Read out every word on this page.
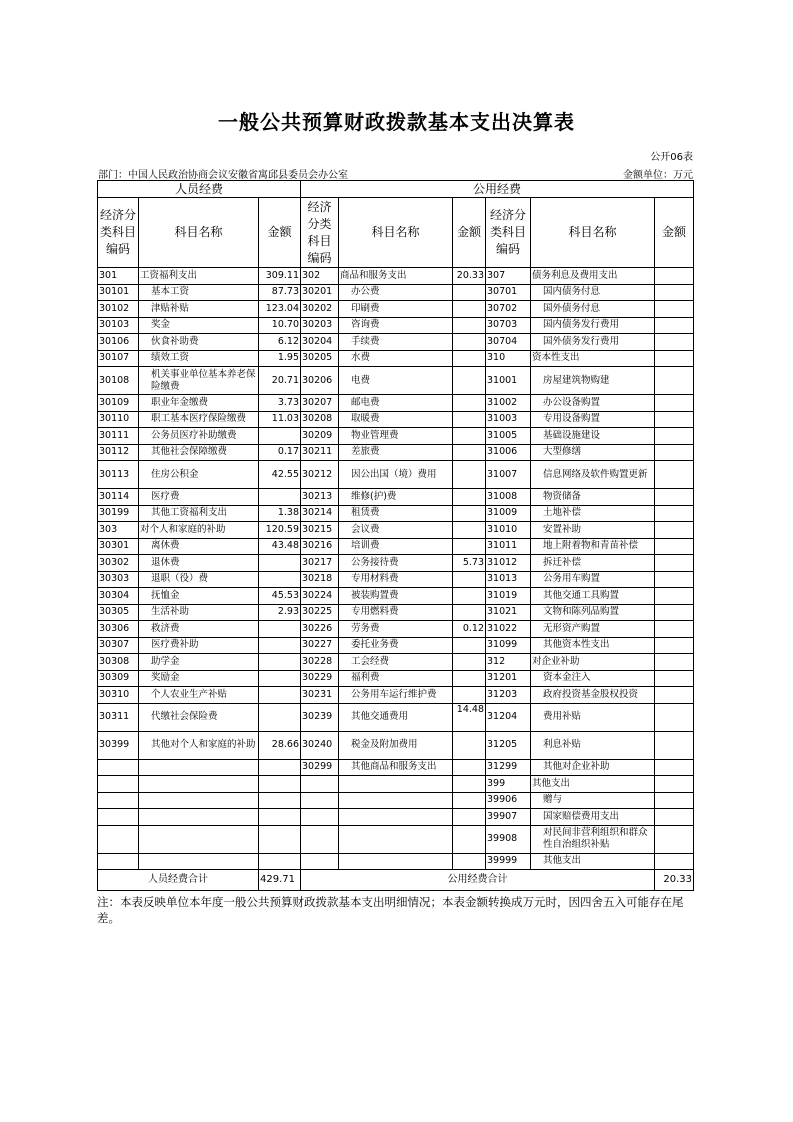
一般公共预算财政拨款基本支出决算表
公开06表
部门：中国人民政治协商会议安徽省寓邱县委员会办公室	金额单位：万元
人员经费			公用经费					
经济分类科目编码	科目名称	金额	经济分类科目编码	科目名称	金额	经济分类科目编码	科目名称	金额
301	工资福利支出	309.11	302	商品和服务支出	20.33	307	债务利息及费用支出	
30101	基本工资	87.73	30201	办公费		30701	国内债务付息	
30102	津贴补贴	123.04	30202	印刷费		30702	国外债务付息	
30103	奖金	10.70	30203	咨询费		30703	国内债务发行费用	
30106	伙食补助费	6.12	30204	手续费		30704	国外债务发行费用	
30107	绩效工资	1.95	30205	水费		310	资本性支出	
30108	机关事业单位基本养老保险缴费	20.71	30206	电费		31001	房屋建筑物购建	
30109	职业年金缴费	3.73	30207	邮电费		31002	办公设备购置	
30110	职工基本医疗保险缴费	11.03	30208	取暖费		31003	专用设备购置	
30111	公务员医疗补助缴费		30209	物业管理费		31005	基础设施建设	
30112	其他社会保障缴费	0.17	30211	差旅费		31006	大型修缮	
30113	住房公积金	42.55	30212	因公出国（境）费用		31007	信息网络及软件购置更新	
30114	医疗费		30213	维修(护)费		31008	物资储备	
30199	其他工资福利支出	1.38	30214	租赁费		31009	土地补偿	
303	对个人和家庭的补助	120.59	30215	会议费		31010	安置补助	
30301	离休费	43.48	30216	培训费		31011	地上附着物和青苗补偿	
30302	退休费		30217	公务接待费	5.73	31012	拆迁补偿	
30303	退职（役）费		30218	专用材料费		31013	公务用车购置	
30304	抚恤金	45.53	30224	被装购置费		31019	其他交通工具购置	
30305	生活补助	2.93	30225	专用燃料费		31021	文物和陈列品购置	
30306	救济费		30226	劳务费	0.12	31022	无形资产购置	
30307	医疗费补助		30227	委托业务费		31099	其他资本性支出	
30308	助学金		30228	工会经费		312	对企业补助	
30309	奖励金		30229	福利费		31201	资本金注入	
30310	个人农业生产补贴		30231	公务用车运行维护费		31203	政府投资基金股权投资	
30311	代缴社会保险费		30239	其他交通费用	14.48	31204	费用补贴	
30399	其他对个人和家庭的补助	28.66	30240	税金及附加费用		31205	利息补贴	
			30299	其他商品和服务支出		31299	其他对企业补助	
						399	其他支出	
						39906	赠与	
						39907	国家赔偿费用支出	
						39908	对民间非营利组织和群众性自治组织补贴	
						39999	其他支出	
人员经费合计		429.71	公用经费合计					20.33
注：本表反映单位本年度一般公共预算财政拨款基本支出明细情况；本表金额转换成万元时，因四舍五入可能存在尾差。
